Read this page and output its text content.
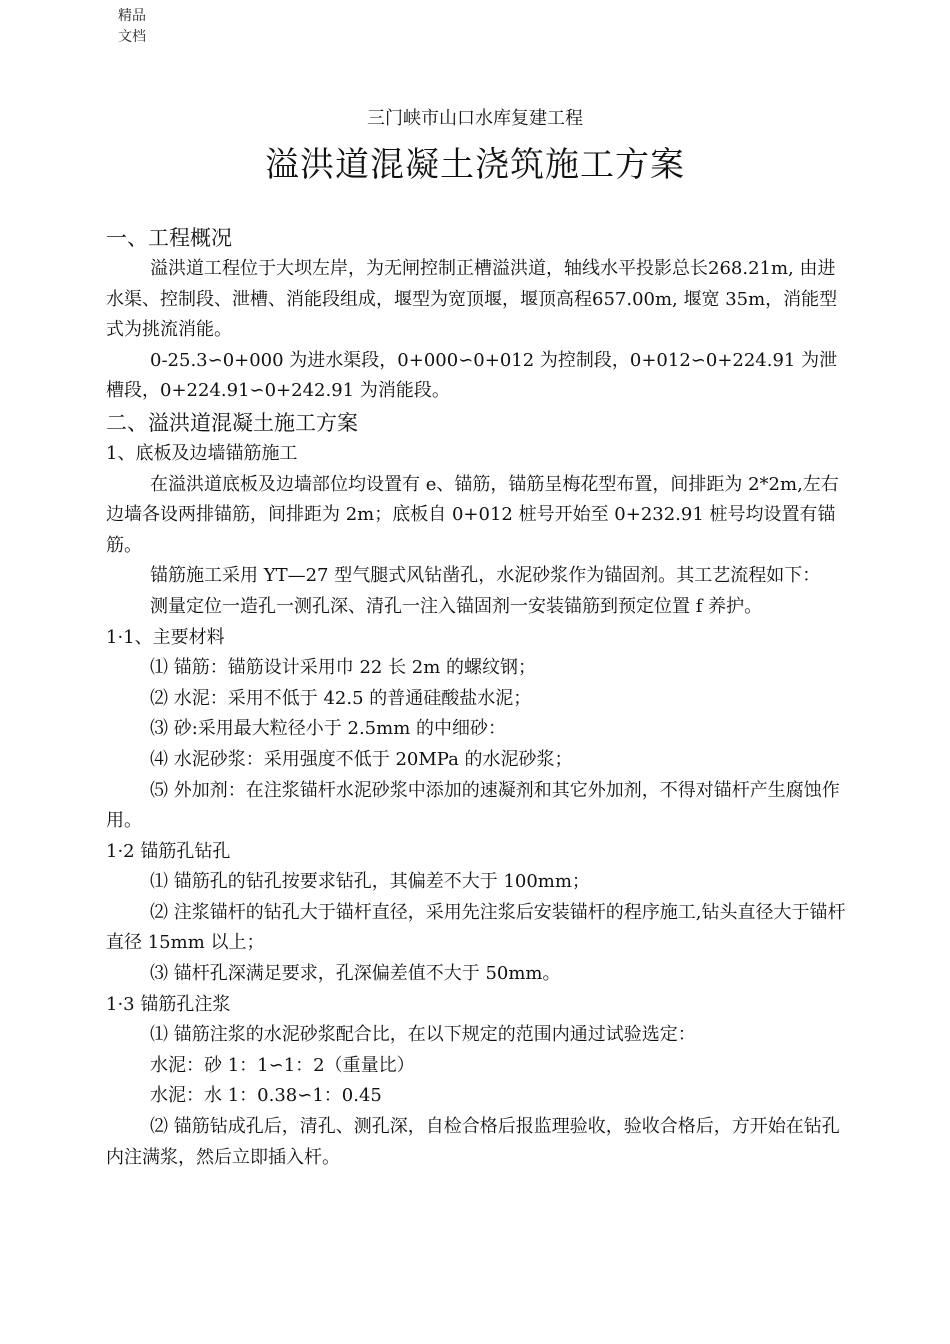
精品文档
三门峡市山口水库复建工程
溢洪道混凝土浇筑施工方案

一、工程概况

溢洪道工程位于大坝左岸，为无闸控制正槽溢洪道，轴线水平投影总长268.21m, 由进水渠、控制段、泄槽、消能段组成，堰型为宽顶堰，堰顶高程657.00m, 堰宽 35m，消能型式为挑流消能。

0-25.3∽0+000 为进水渠段，0+000∽0+012 为控制段，0+012∽0+224.91 为泄槽段，0+224.91∽0+242.91 为消能段。

二、溢洪道混凝土施工方案

1、底板及边墙锚筋施工

在溢洪道底板及边墙部位均设置有 e、锚筋，锚筋呈梅花型布置，间排距为 2*2m,左右边墙各设两排锚筋，间排距为 2m；底板自 0+012 桩号开始至 0+232.91 桩号均设置有锚筋。

锚筋施工采用 YT—27 型气腿式风钻凿孔，水泥砂浆作为锚固剂。其工艺流程如下：

测量定位一造孔一测孔深、清孔一注入锚固剂一安装锚筋到预定位置 f 养护。

1·1、主要材料

⑴ 锚筋：锚筋设计采用巾 22 长 2m 的螺纹钢；

⑵ 水泥：采用不低于 42.5 的普通硅酸盐水泥；

⑶ 砂:采用最大粒径小于 2.5mm 的中细砂：

⑷ 水泥砂浆：采用强度不低于 20MPa 的水泥砂浆；

⑸ 外加剂：在注浆锚杆水泥砂浆中添加的速凝剂和其它外加剂，不得对锚杆产生腐蚀作用。

1·2 锚筋孔钻孔

⑴ 锚筋孔的钻孔按要求钻孔，其偏差不大于 100mm；

⑵ 注浆锚杆的钻孔大于锚杆直径，采用先注浆后安装锚杆的程序施工,钻头直径大于锚杆直径 15mm 以上；

⑶ 锚杆孔深满足要求，孔深偏差值不大于 50mm。

1·3 锚筋孔注浆

⑴ 锚筋注浆的水泥砂浆配合比，在以下规定的范围内通过试验选定：

水泥：砂 1：1∽1：2（重量比）

水泥：水 1：0.38∽1：0.45

⑵ 锚筋钻成孔后，清孔、测孔深，自检合格后报监理验收，验收合格后，方开始在钻孔内注满浆，然后立即插入杆。
